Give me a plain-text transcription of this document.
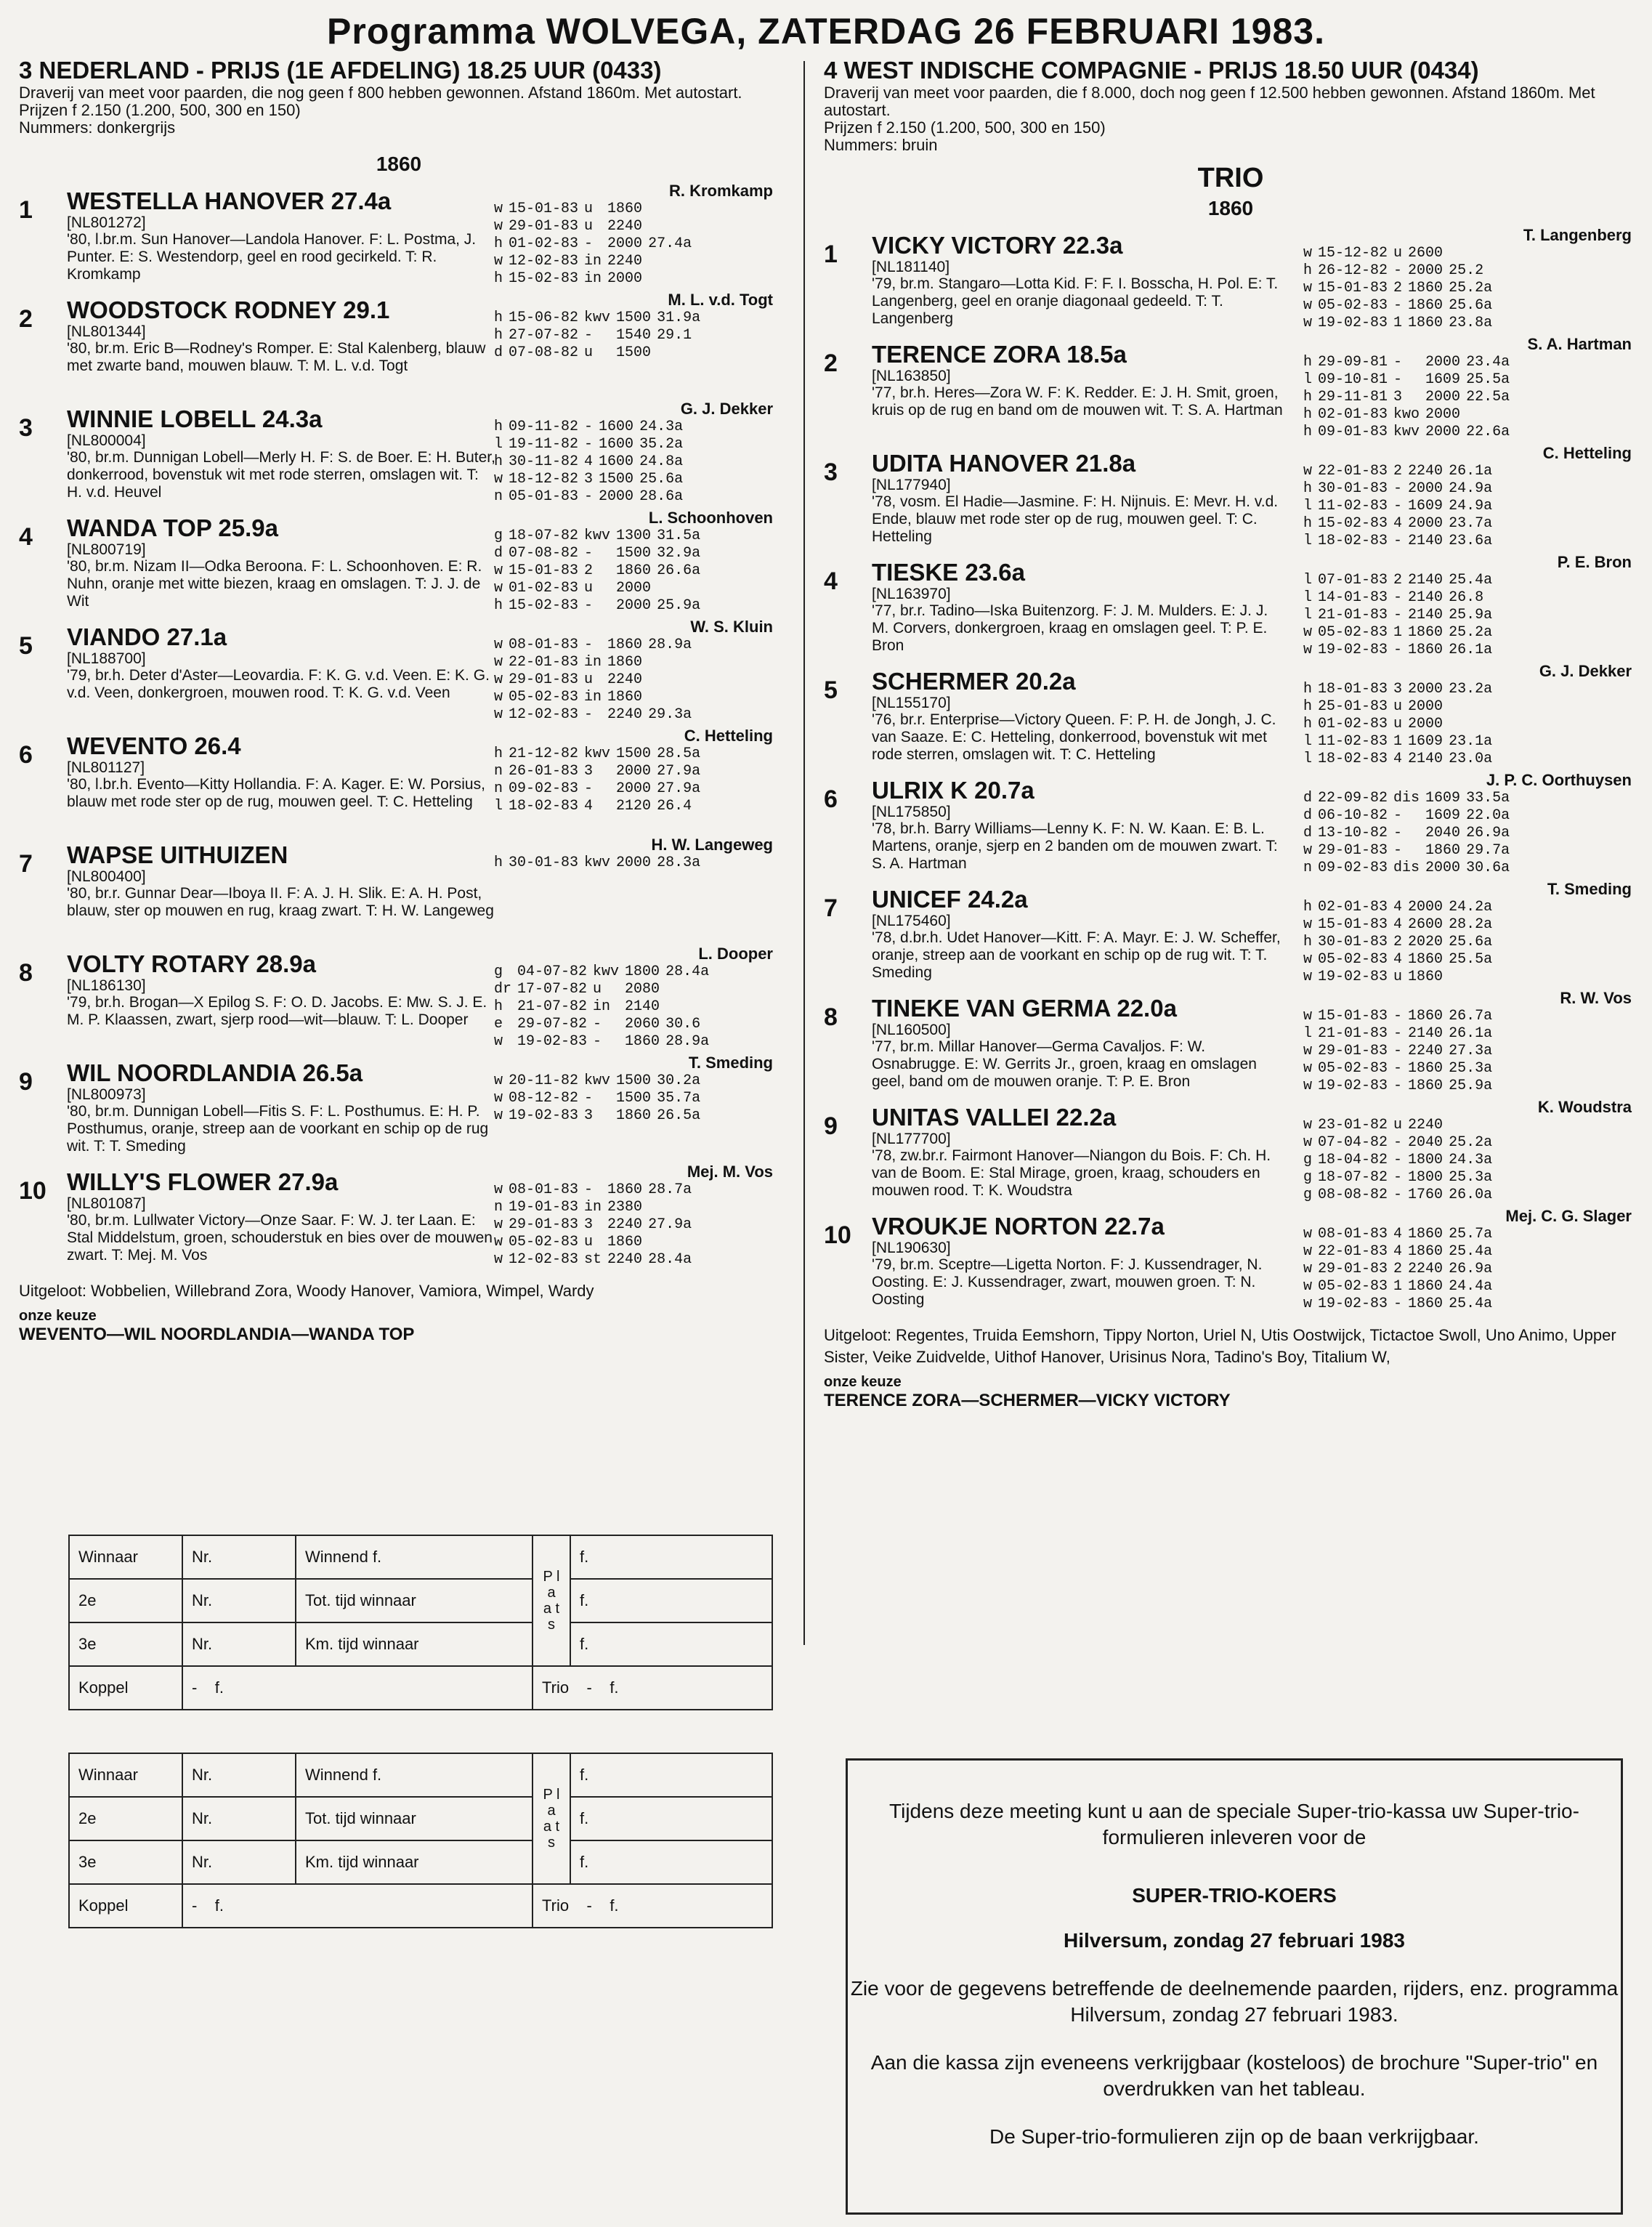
Programma WOLVEGA, ZATERDAG 26 FEBRUARI 1983.
3 NEDERLAND - PRIJS (1E AFDELING) 18.25 UUR (0433)
Draverij van meet voor paarden, die nog geen f 800 hebben gewonnen. Afstand 1860m. Met autostart.
Prijzen f 2.150 (1.200, 500, 300 en 150)
Nummers: donkergrijs
1860
1	WESTELLA HANOVER 27.4a
[NL801272]
'80, l.br.m. Sun Hanover—Landola Hanover. F: L. Postma, J. Punter. E: S. Westendorp, geel en rood gecirkeld. T: R. Kromkamp
R. Kromkamp
w	15-01-83	u	1860	
w	29-01-83	u	2240	
h	01-02-83	-	2000	27.4a
w	12-02-83	in	2240	
h	15-02-83	in	2000	
2	WOODSTOCK RODNEY 29.1
[NL801344]
'80, br.m. Eric B—Rodney's Romper. E: Stal Kalenberg, blauw met zwarte band, mouwen blauw. T: M. L. v.d. Togt
M. L. v.d. Togt
h	15-06-82	kwv	1500	31.9a
h	27-07-82	-	1540	29.1
d	07-08-82	u	1500	
3	WINNIE LOBELL 24.3a
[NL800004]
'80, br.m. Dunnigan Lobell—Merly H. F: S. de Boer. E: H. Buter, donkerrood, bovenstuk wit met rode sterren, omslagen wit. T: H. v.d. Heuvel
G. J. Dekker
h	09-11-82	-	1600	24.3a
l	19-11-82	-	1600	35.2a
h	30-11-82	4	1600	24.8a
w	18-12-82	3	1500	25.6a
n	05-01-83	-	2000	28.6a
4	WANDA TOP 25.9a
[NL800719]
'80, br.m. Nizam II—Odka Beroona. F: L. Schoonhoven. E: R. Nuhn, oranje met witte biezen, kraag en omslagen. T: J. J. de Wit
L. Schoonhoven
g	18-07-82	kwv	1300	31.5a
d	07-08-82	-	1500	32.9a
w	15-01-83	2	1860	26.6a
w	01-02-83	u	2000	
h	15-02-83	-	2000	25.9a
5	VIANDO 27.1a
[NL188700]
'79, br.h. Deter d'Aster—Leovardia. F: K. G. v.d. Veen. E: K. G. v.d. Veen, donkergroen, mouwen rood. T: K. G. v.d. Veen
W. S. Kluin
w	08-01-83	-	1860	28.9a
w	22-01-83	in	1860	
w	29-01-83	u	2240	
w	05-02-83	in	1860	
w	12-02-83	-	2240	29.3a
6	WEVENTO 26.4
[NL801127]
'80, l.br.h. Evento—Kitty Hollandia. F: A. Kager. E: W. Porsius, blauw met rode ster op de rug, mouwen geel. T: C. Hetteling
C. Hetteling
h	21-12-82	kwv	1500	28.5a
n	26-01-83	3	2000	27.9a
n	09-02-83	-	2000	27.9a
l	18-02-83	4	2120	26.4
7	WAPSE UITHUIZEN
[NL800400]
'80, br.r. Gunnar Dear—Iboya II. F: A. J. H. Slik. E: A. H. Post, blauw, ster op mouwen en rug, kraag zwart. T: H. W. Langeweg
H. W. Langeweg

h	30-01-83	kwv	2000	28.3a
8	VOLTY ROTARY 28.9a
[NL186130]
'79, br.h. Brogan—X Epilog S. F: O. D. Jacobs. E: Mw. S. J. E. M. P. Klaassen, zwart, sjerp rood—wit—blauw. T: L. Dooper
L. Dooper
g	04-07-82	kwv	1800	28.4a
dr	17-07-82	u	2080	
h	21-07-82	in	2140	
e	29-07-82	-	2060	30.6
w	19-02-83	-	1860	28.9a
9	WIL NOORDLANDIA 26.5a
[NL800973]
'80, br.m. Dunnigan Lobell—Fitis S. F: L. Posthumus. E: H. P. Posthumus, oranje, streep aan de voorkant en schip op de rug wit. T: T. Smeding
T. Smeding

w	20-11-82	kwv	1500	30.2a
w	08-12-82	-	1500	35.7a
w	19-02-83	3	1860	26.5a
10 WILLY'S FLOWER 27.9a
[NL801087]
'80, br.m. Lullwater Victory—Onze Saar. F: W. J. ter Laan. E: Stal Middelstum, groen, schouderstuk en bies over de mouwen zwart. T: Mej. M. Vos
Mej. M. Vos
w	08-01-83	-	1860	28.7a
n	19-01-83	in	2380	
w	29-01-83	3	2240	27.9a
w	05-02-83	u	1860	
w	12-02-83	st	2240	28.4a
Uitgeloot: Wobbelien, Willebrand Zora, Woody Hanover, Vamiora, Wimpel, Wardy
onze keuze
WEVENTO—WIL NOORDLANDIA—WANDA TOP
4 WEST INDISCHE COMPAGNIE - PRIJS 18.50 UUR (0434)
Draverij van meet voor paarden, die f 8.000, doch nog geen f 12.500 hebben gewonnen. Afstand 1860m. Met autostart.
Prijzen f 2.150 (1.200, 500, 300 en 150)
Nummers: bruin
TRIO
1860
1	VICKY VICTORY 22.3a
[NL181140]
'79, br.m. Stangaro—Lotta Kid. F: F. I. Bosscha, H. Pol. E: T. Langenberg, geel en oranje diagonaal gedeeld. T: T. Langenberg
T. Langenberg
w	15-12-82	u	2600	
h	26-12-82	-	2000	25.2
w	15-01-83	2	1860	25.2a
w	05-02-83	-	1860	25.6a
w	19-02-83	1	1860	23.8a
2	TERENCE ZORA 18.5a
[NL163850]
'77, br.h. Heres—Zora W. F: K. Redder. E: J. H. Smit, groen, kruis op de rug en band om de mouwen wit. T: S. A. Hartman
S. A. Hartman
h	29-09-81	-	2000	23.4a
l	09-10-81	-	1609	25.5a
h	29-11-81	3	2000	22.5a
h	02-01-83	kwo	2000	
h	09-01-83	kwv	2000	22.6a
3	UDITA HANOVER 21.8a
[NL177940]
'78, vosm. El Hadie—Jasmine. F: H. Nijnuis. E: Mevr. H. v.d. Ende, blauw met rode ster op de rug, mouwen geel. T: C. Hetteling
C. Hetteling
w	22-01-83	2	2240	26.1a
h	30-01-83	-	2000	24.9a
l	11-02-83	-	1609	24.9a
h	15-02-83	4	2000	23.7a
l	18-02-83	-	2140	23.6a
4	TIESKE 23.6a
[NL163970]
'77, br.r. Tadino—Iska Buitenzorg. F: J. M. Mulders. E: J. J. M. Corvers, donkergroen, kraag en omslagen geel. T: P. E. Bron
P. E. Bron
l	07-01-83	2	2140	25.4a
l	14-01-83	-	2140	26.8
l	21-01-83	-	2140	25.9a
w	05-02-83	1	1860	25.2a
w	19-02-83	-	1860	26.1a
5	SCHERMER 20.2a
[NL155170]
'76, br.r. Enterprise—Victory Queen. F: P. H. de Jongh, J. C. van Saaze. E: C. Hetteling, donkerrood, bovenstuk wit met rode sterren, omslagen wit. T: C. Hetteling
G. J. Dekker
h	18-01-83	3	2000	23.2a
h	25-01-83	u	2000	
h	01-02-83	u	2000	
l	11-02-83	1	1609	23.1a
l	18-02-83	4	2140	23.0a
6	ULRIX K 20.7a
[NL175850]
'78, br.h. Barry Williams—Lenny K. F: N. W. Kaan. E: B. L. Martens, oranje, sjerp en 2 banden om de mouwen zwart. T: S. A. Hartman
J. P. C. Oorthuysen
d	22-09-82	dis	1609	33.5a
d	06-10-82	-	1609	22.0a
d	13-10-82	-	2040	26.9a
w	29-01-83	-	1860	29.7a
n	09-02-83	dis	2000	30.6a
7	UNICEF 24.2a
[NL175460]
'78, d.br.h. Udet Hanover—Kitt. F: A. Mayr. E: J. W. Scheffer, oranje, streep aan de voorkant en schip op de rug wit. T: T. Smeding
T. Smeding
h	02-01-83	4	2000	24.2a
w	15-01-83	4	2600	28.2a
h	30-01-83	2	2020	25.6a
w	05-02-83	4	1860	25.5a
w	19-02-83	u	1860	
8	TINEKE VAN GERMA 22.0a
[NL160500]
'77, br.m. Millar Hanover—Germa Cavaljos. F: W. Osnabrugge. E: W. Gerrits Jr., groen, kraag en omslagen geel, band om de mouwen oranje. T: P. E. Bron
R. W. Vos
w	15-01-83	-	1860	26.7a
l	21-01-83	-	2140	26.1a
w	29-01-83	-	2240	27.3a
w	05-02-83	-	1860	25.3a
w	19-02-83	-	1860	25.9a
9	UNITAS VALLEI 22.2a
[NL177700]
'78, zw.br.r. Fairmont Hanover—Niangon du Bois. F: Ch. H. van de Boom. E: Stal Mirage, groen, kraag, schouders en mouwen rood. T: K. Woudstra
K. Woudstra
w	23-01-82	u	2240	
w	07-04-82	-	2040	25.2a
g	18-04-82	-	1800	24.3a
g	18-07-82	-	1800	25.3a
g	08-08-82	-	1760	26.0a
10 VROUKJE NORTON 22.7a
[NL190630]
'79, br.m. Sceptre—Ligetta Norton. F: J. Kussendrager, N. Oosting. E: J. Kussendrager, zwart, mouwen groen. T: N. Oosting
Mej. C. G. Slager
w	08-01-83	4	1860	25.7a
w	22-01-83	4	1860	25.4a
w	29-01-83	2	2240	26.9a
w	05-02-83	1	1860	24.4a
w	19-02-83	-	1860	25.4a
Uitgeloot: Regentes, Truida Eemshorn, Tippy Norton, Uriel N, Utis Oostwijck, Tictactoe Swoll, Uno Animo, Upper Sister, Veike Zuidvelde, Uithof Hanover, Urisinus Nora, Tadino's Boy, Titalium W,
onze keuze
TERENCE ZORA—SCHERMER—VICKY VICTORY
Winnaar	Nr.	Winnend f.	P l a a t s	f.
2e	Nr.	Tot. tijd winnaar		f.
3e	Nr.	Km. tijd winnaar		f.
Koppel	- f.		Trio - f.	
Winnaar	Nr.	Winnend f.	P l a a t s	f.
2e	Nr.	Tot. tijd winnaar		f.
3e	Nr.	Km. tijd winnaar		f.
Koppel	- f.		Trio - f.	
Tijdens deze meeting kunt u aan de speciale Super-trio-kassa uw Super-trio-formulieren inleveren voor de
SUPER-TRIO-KOERS
Hilversum, zondag 27 februari 1983
Zie voor de gegevens betreffende de deelnemende paarden, rijders, enz. programma Hilversum, zondag 27 februari 1983.
Aan die kassa zijn eveneens verkrijgbaar (kosteloos) de brochure "Super-trio" en overdrukken van het tableau.
De Super-trio-formulieren zijn op de baan verkrijgbaar.
